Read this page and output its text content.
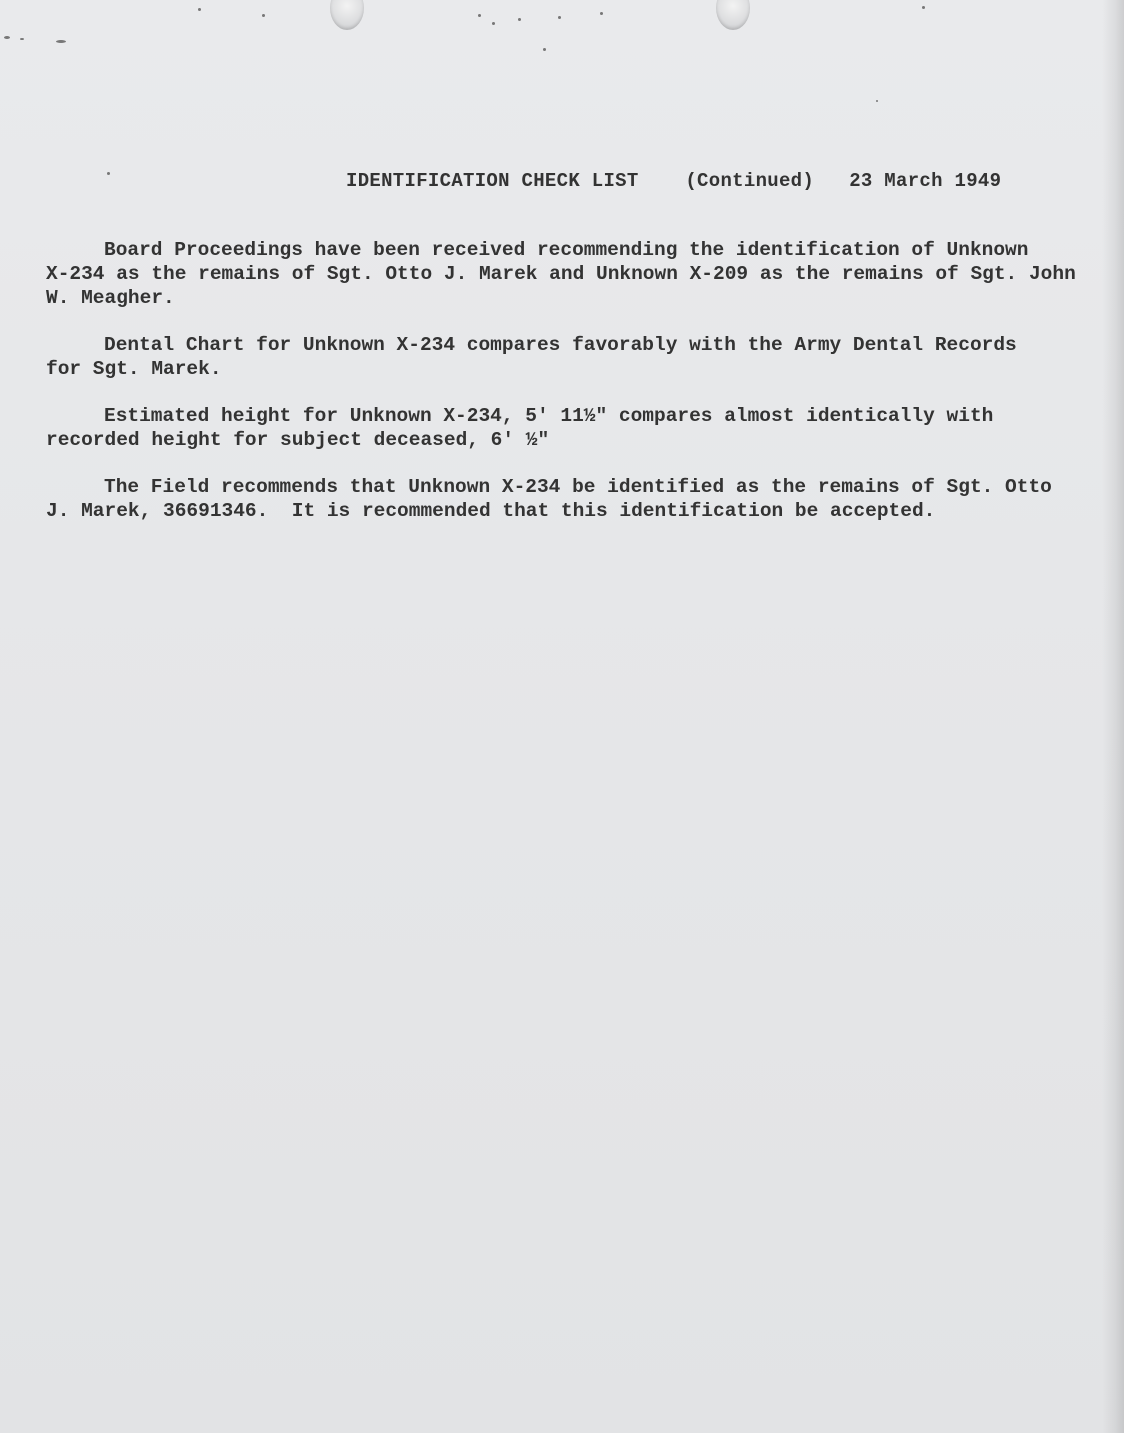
IDENTIFICATION CHECK LIST (Continued) 23 March 1949

Board Proceedings have been received recommending the identification of Unknown
X-234 as the remains of Sgt. Otto J. Marek and Unknown X-209 as the remains of Sgt. John
W. Meagher.

Dental Chart for Unknown X-234 compares favorably with the Army Dental Records
for Sgt. Marek.

Estimated height for Unknown X-234, 5' 11½" compares almost identically with
recorded height for subject deceased, 6' ½"

The Field recommends that Unknown X-234 be identified as the remains of Sgt. Otto
J. Marek, 36691346.  It is recommended that this identification be accepted.
